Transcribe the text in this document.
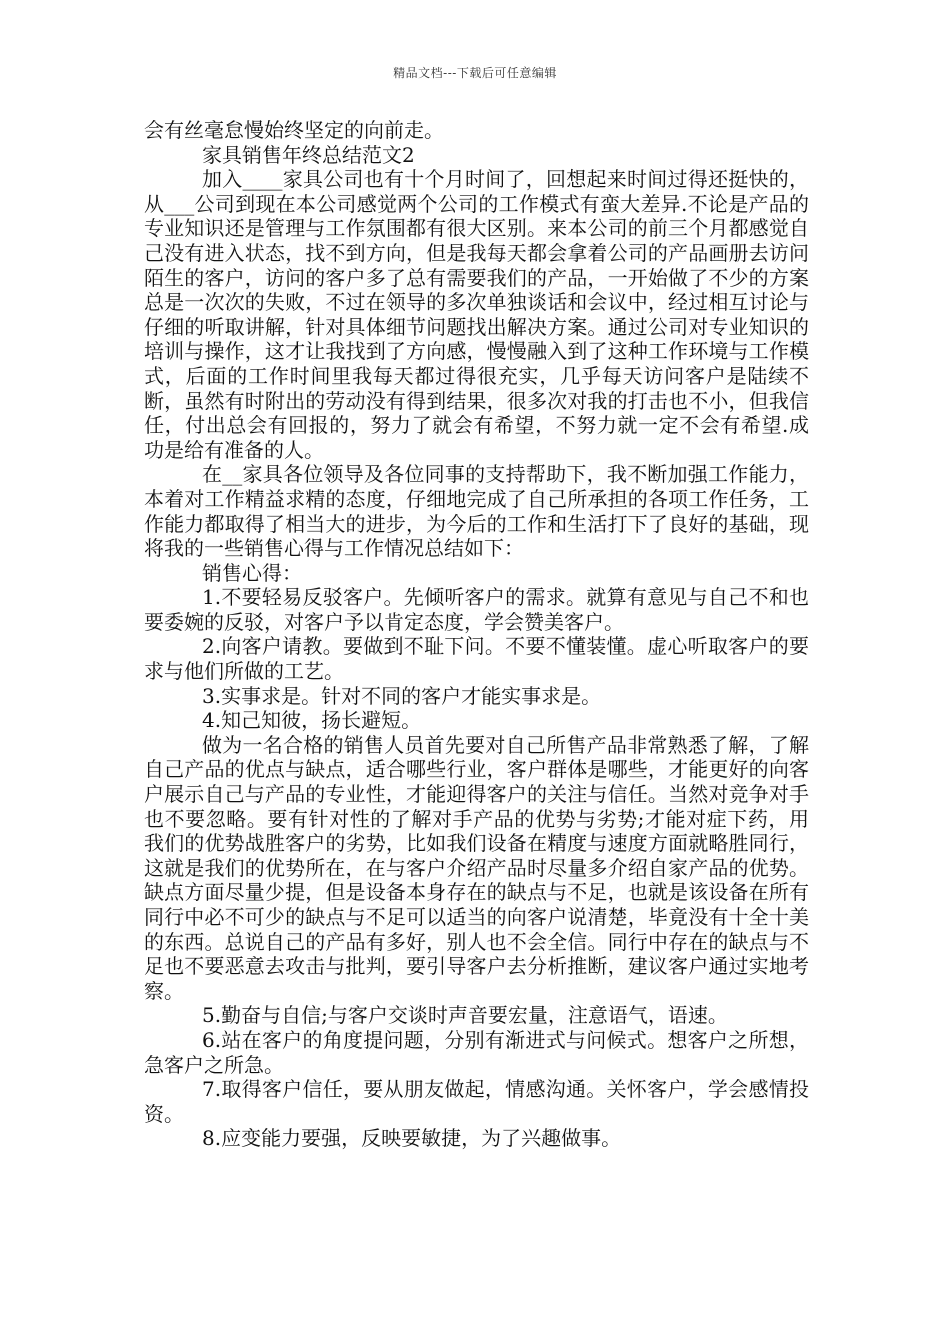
精品文档---下载后可任意编辑

会有丝毫怠慢始终坚定的向前走。

家具销售年终总结范文2

加入____家具公司也有十个月时间了，回想起来时间过得还挺快的，从___公司到现在本公司感觉两个公司的工作模式有蛮大差异.不论是产品的专业知识还是管理与工作氛围都有很大区别。来本公司的前三个月都感觉自己没有进入状态，找不到方向，但是我每天都会拿着公司的产品画册去访问陌生的客户，访问的客户多了总有需要我们的产品，一开始做了不少的方案总是一次次的失败，不过在领导的多次单独谈话和会议中，经过相互讨论与仔细的听取讲解，针对具体细节问题找出解决方案。通过公司对专业知识的培训与操作，这才让我找到了方向感，慢慢融入到了这种工作环境与工作模式，后面的工作时间里我每天都过得很充实，几乎每天访问客户是陆续不断，虽然有时附出的劳动没有得到结果，很多次对我的打击也不小，但我信任，付出总会有回报的，努力了就会有希望，不努力就一定不会有希望.成功是给有准备的人。

在__家具各位领导及各位同事的支持帮助下，我不断加强工作能力，本着对工作精益求精的态度，仔细地完成了自己所承担的各项工作任务，工作能力都取得了相当大的进步，为今后的工作和生活打下了良好的基础，现将我的一些销售心得与工作情况总结如下：

销售心得：

1.不要轻易反驳客户。先倾听客户的需求。就算有意见与自己不和也要委婉的反驳，对客户予以肯定态度，学会赞美客户。

2.向客户请教。要做到不耻下问。不要不懂装懂。虚心听取客户的要求与他们所做的工艺。

3.实事求是。针对不同的客户才能实事求是。

4.知己知彼，扬长避短。

做为一名合格的销售人员首先要对自己所售产品非常熟悉了解，了解自己产品的优点与缺点，适合哪些行业，客户群体是哪些，才能更好的向客户展示自己与产品的专业性，才能迎得客户的关注与信任。当然对竞争对手也不要忽略。要有针对性的了解对手产品的优势与劣势;才能对症下药，用我们的优势战胜客户的劣势，比如我们设备在精度与速度方面就略胜同行，这就是我们的优势所在，在与客户介绍产品时尽量多介绍自家产品的优势。缺点方面尽量少提，但是设备本身存在的缺点与不足，也就是该设备在所有同行中必不可少的缺点与不足可以适当的向客户说清楚，毕竟没有十全十美的东西。总说自己的产品有多好，别人也不会全信。同行中存在的缺点与不足也不要恶意去攻击与批判，要引导客户去分析推断，建议客户通过实地考察。

5.勤奋与自信;与客户交谈时声音要宏量，注意语气，语速。

6.站在客户的角度提问题，分别有渐进式与问候式。想客户之所想，急客户之所急。

7.取得客户信任，要从朋友做起，情感沟通。关怀客户，学会感情投资。

8.应变能力要强，反映要敏捷，为了兴趣做事。
